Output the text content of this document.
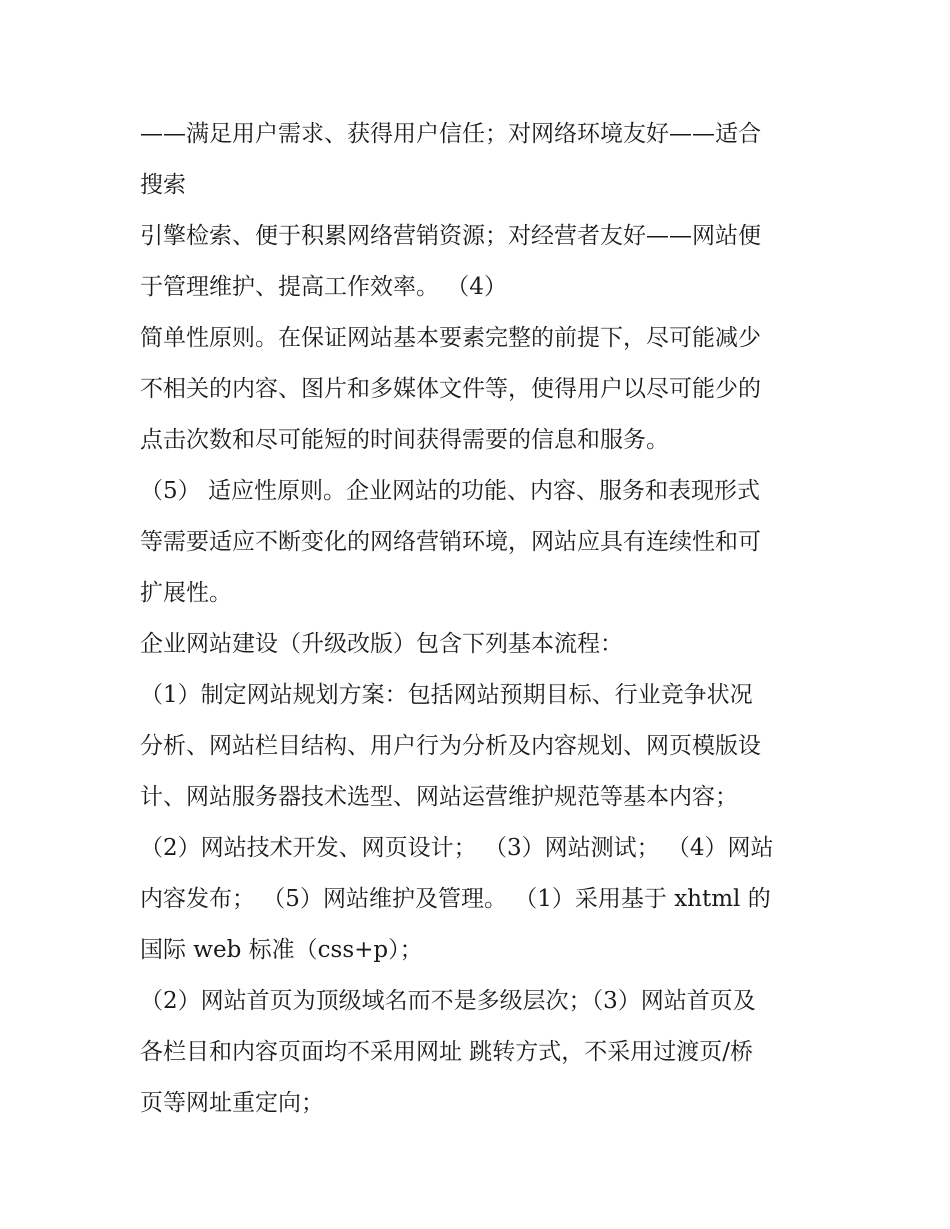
——满足用户需求、获得用户信任；对网络环境友好——适合
搜索
引擎检索、便于积累网络营销资源；对经营者友好——网站便
于管理维护、提高工作效率。 （4）
简单性原则。在保证网站基本要素完整的前提下，尽可能减少
不相关的内容、图片和多媒体文件等，使得用户以尽可能少的
点击次数和尽可能短的时间获得需要的信息和服务。
（5） 适应性原则。企业网站的功能、内容、服务和表现形式
等需要适应不断变化的网络营销环境，网站应具有连续性和可
扩展性。
企业网站建设（升级改版）包含下列基本流程：
（1）制定网站规划方案：包括网站预期目标、行业竞争状况
分析、网站栏目结构、用户行为分析及内容规划、网页模版设
计、网站服务器技术选型、网站运营维护规范等基本内容；
（2）网站技术开发、网页设计； （3）网站测试； （4）网站
内容发布； （5）网站维护及管理。 （1）采用基于 xhtml 的
国际 web 标准（css+p）；
（2）网站首页为顶级域名而不是多级层次；（3）网站首页及
各栏目和内容页面均不采用网址 跳转方式，不采用过渡页/桥
页等网址重定向；
